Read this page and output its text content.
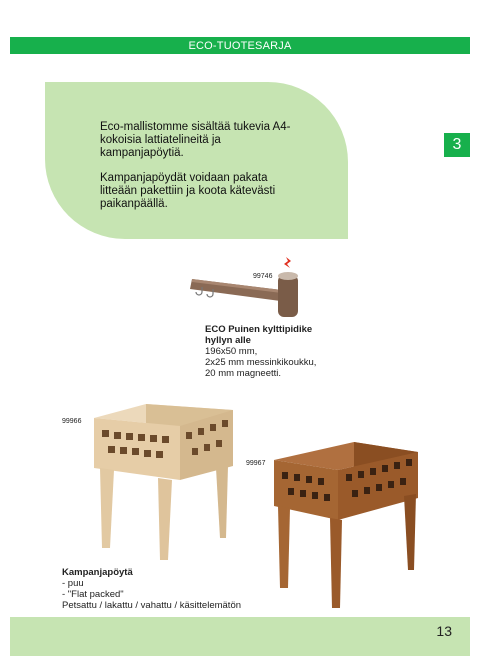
ECO-TUOTESARJA

Eco-mallistomme sisältää tukevia A4-kokoisia lattiatelineitä ja kampanjapöytiä.

Kampanjapöydät voidaan pakata litteään pakettiin ja koota kätevästi paikanpäällä.

3
99746
ECO Puinen kylttipidike
hyllyn alle
196x50 mm,
2x25 mm messinkikoukku,
20 mm magneetti.
99966
99967
Kampanjapöytä
- puu
- "Flat packed"
Petsattu / lakattu / vahattu / käsittelemätön
13
